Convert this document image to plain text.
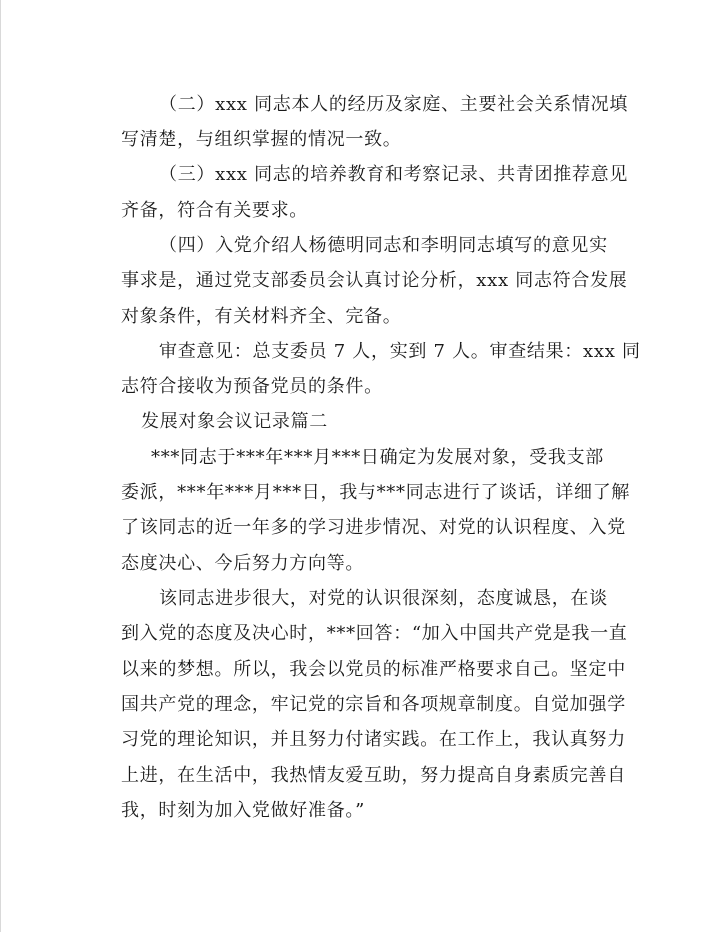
（二）xxx 同志本人的经历及家庭、主要社会关系情况填
写清楚，与组织掌握的情况一致。
（三）xxx 同志的培养教育和考察记录、共青团推荐意见
齐备，符合有关要求。
（四）入党介绍人杨德明同志和李明同志填写的意见实
事求是，通过党支部委员会认真讨论分析，xxx 同志符合发展
对象条件，有关材料齐全、完备。
审查意见：总支委员 7 人，实到 7 人。审查结果：xxx 同
志符合接收为预备党员的条件。
发展对象会议记录篇二
***同志于***年***月***日确定为发展对象，受我支部
委派，***年***月***日，我与***同志进行了谈话，详细了解
了该同志的近一年多的学习进步情况、对党的认识程度、入党
态度决心、今后努力方向等。
该同志进步很大，对党的认识很深刻，态度诚恳，在谈
到入党的态度及决心时，***回答：“加入中国共产党是我一直
以来的梦想。所以，我会以党员的标准严格要求自己。坚定中
国共产党的理念，牢记党的宗旨和各项规章制度。自觉加强学
习党的理论知识，并且努力付诸实践。在工作上，我认真努力
上进，在生活中，我热情友爱互助，努力提高自身素质完善自
我，时刻为加入党做好准备。”
